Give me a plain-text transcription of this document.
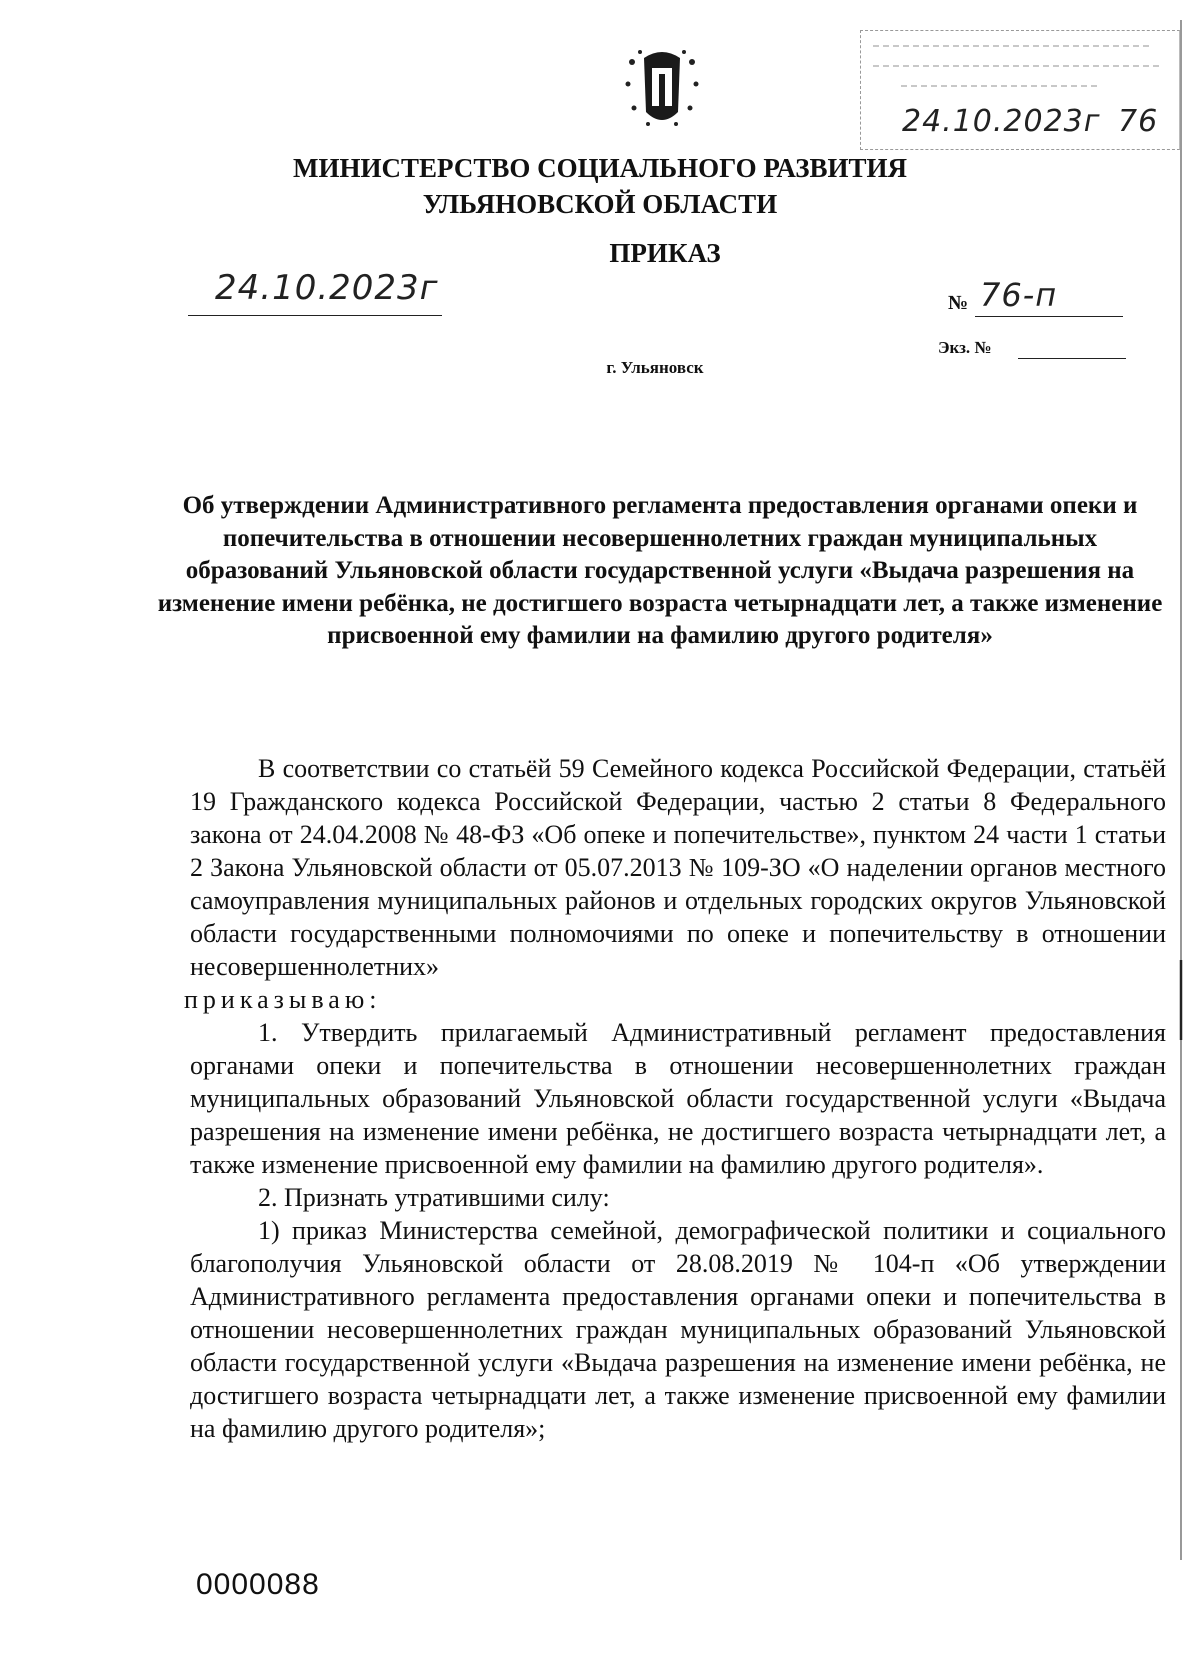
24.10.2023г 76
МИНИСТЕРСТВО СОЦИАЛЬНОГО РАЗВИТИЯ
УЛЬЯНОВСКОЙ ОБЛАСТИ
ПРИКАЗ
24.10.2023г	№ 76-п
Экз. №
г. Ульяновск
Об утверждении Административного регламента предоставления органами опеки и попечительства в отношении несовершеннолетних граждан муниципальных образований Ульяновской области государственной услуги «Выдача разрешения на изменение имени ребёнка, не достигшего возраста четырнадцати лет, а также изменение присвоенной ему фамилии на фамилию другого родителя»

В соответствии со статьёй 59 Семейного кодекса Российской Федерации, статьёй 19 Гражданского кодекса Российской Федерации, частью 2 статьи 8 Федерального закона от 24.04.2008 № 48-ФЗ «Об опеке и попечительстве», пунктом 24 части 1 статьи 2 Закона Ульяновской области от 05.07.2013 № 109-ЗО «О наделении органов местного самоуправления муниципальных районов и отдельных городских округов Ульяновской области государственными полномочиями по опеке и попечительству в отношении несовершеннолетних»

приказываю:

1. Утвердить прилагаемый Административный регламент предоставления органами опеки и попечительства в отношении несовершеннолетних граждан муниципальных образований Ульяновской области государственной услуги «Выдача разрешения на изменение имени ребёнка, не достигшего возраста четырнадцати лет, а также изменение присвоенной ему фамилии на фамилию другого родителя».

2. Признать утратившими силу:

1) приказ Министерства семейной, демографической политики и социального благополучия Ульяновской области от 28.08.2019 № 104-п «Об утверждении Административного регламента предоставления органами опеки и попечительства в отношении несовершеннолетних граждан муниципальных образований Ульяновской области государственной услуги «Выдача разрешения на изменение имени ребёнка, не достигшего возраста четырнадцати лет, а также изменение присвоенной ему фамилии на фамилию другого родителя»;

0000088
